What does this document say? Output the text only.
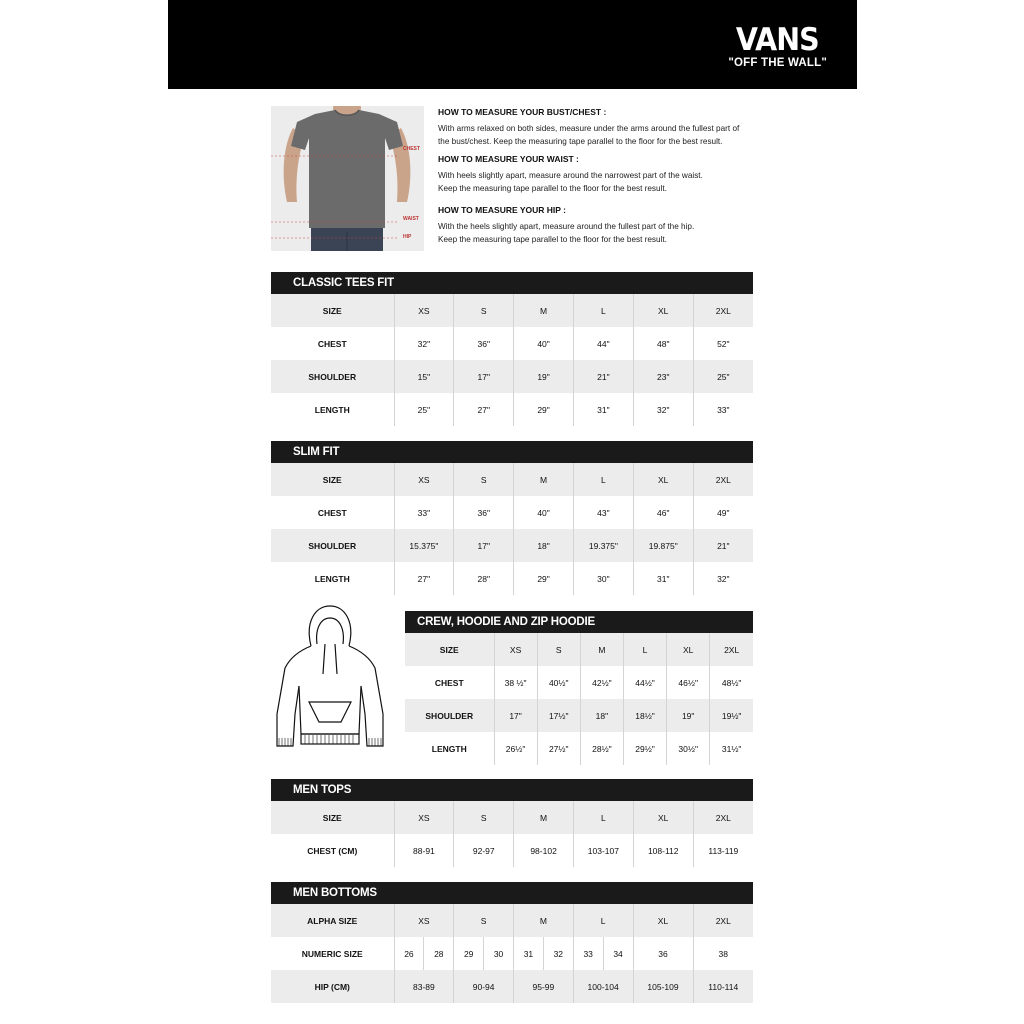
VANS
"OFF THE WALL"
CHEST
WAIST
HIP
HOW TO MEASURE YOUR BUST/CHEST :
With arms relaxed on both sides, measure under the arms around the fullest part of
the bust/chest. Keep the measuring tape parallel to the floor for the best result.
HOW TO MEASURE YOUR WAIST :
With heels slightly apart, measure around the narrowest part of the waist.
Keep the measuring tape parallel to the floor for the best result.
HOW TO MEASURE YOUR HIP :
With the heels slightly apart, measure around the fullest part of the hip.
Keep the measuring tape parallel to the floor for the best result.
CLASSIC TEES FIT
SIZE	XS	S	M	L	XL	2XL
CHEST	32"	36"	40"	44"	48"	52"
SHOULDER	15"	17"	19"	21"	23"	25"
LENGTH	25"	27"	29"	31"	32"	33"
SLIM FIT
SIZE	XS	S	M	L	XL	2XL
CHEST	33"	36"	40"	43"	46"	49"
SHOULDER	15.375"	17"	18"	19.375"	19.875"	21"
LENGTH	27"	28"	29"	30"	31"	32"
CREW, HOODIE AND ZIP HOODIE
SIZE	XS	S	M	L	XL	2XL
CHEST	38 ½"	40½"	42½"	44½"	46½"	48½"
SHOULDER	17"	17½"	18"	18½"	19"	19½"
LENGTH	26½"	27½"	28½"	29½"	30½"	31½"
MEN TOPS
SIZE	XS	S	M	L	XL	2XL
CHEST (CM)	88-91	92-97	98-102	103-107	108-112	113-119
MEN BOTTOMS
ALPHA SIZE	XS		S		M		L		XL	2XL
NUMERIC SIZE	26	28	29	30	31	32	33	34	36	38
HIP (CM)	83-89		90-94		95-99		100-104		105-109	110-114
